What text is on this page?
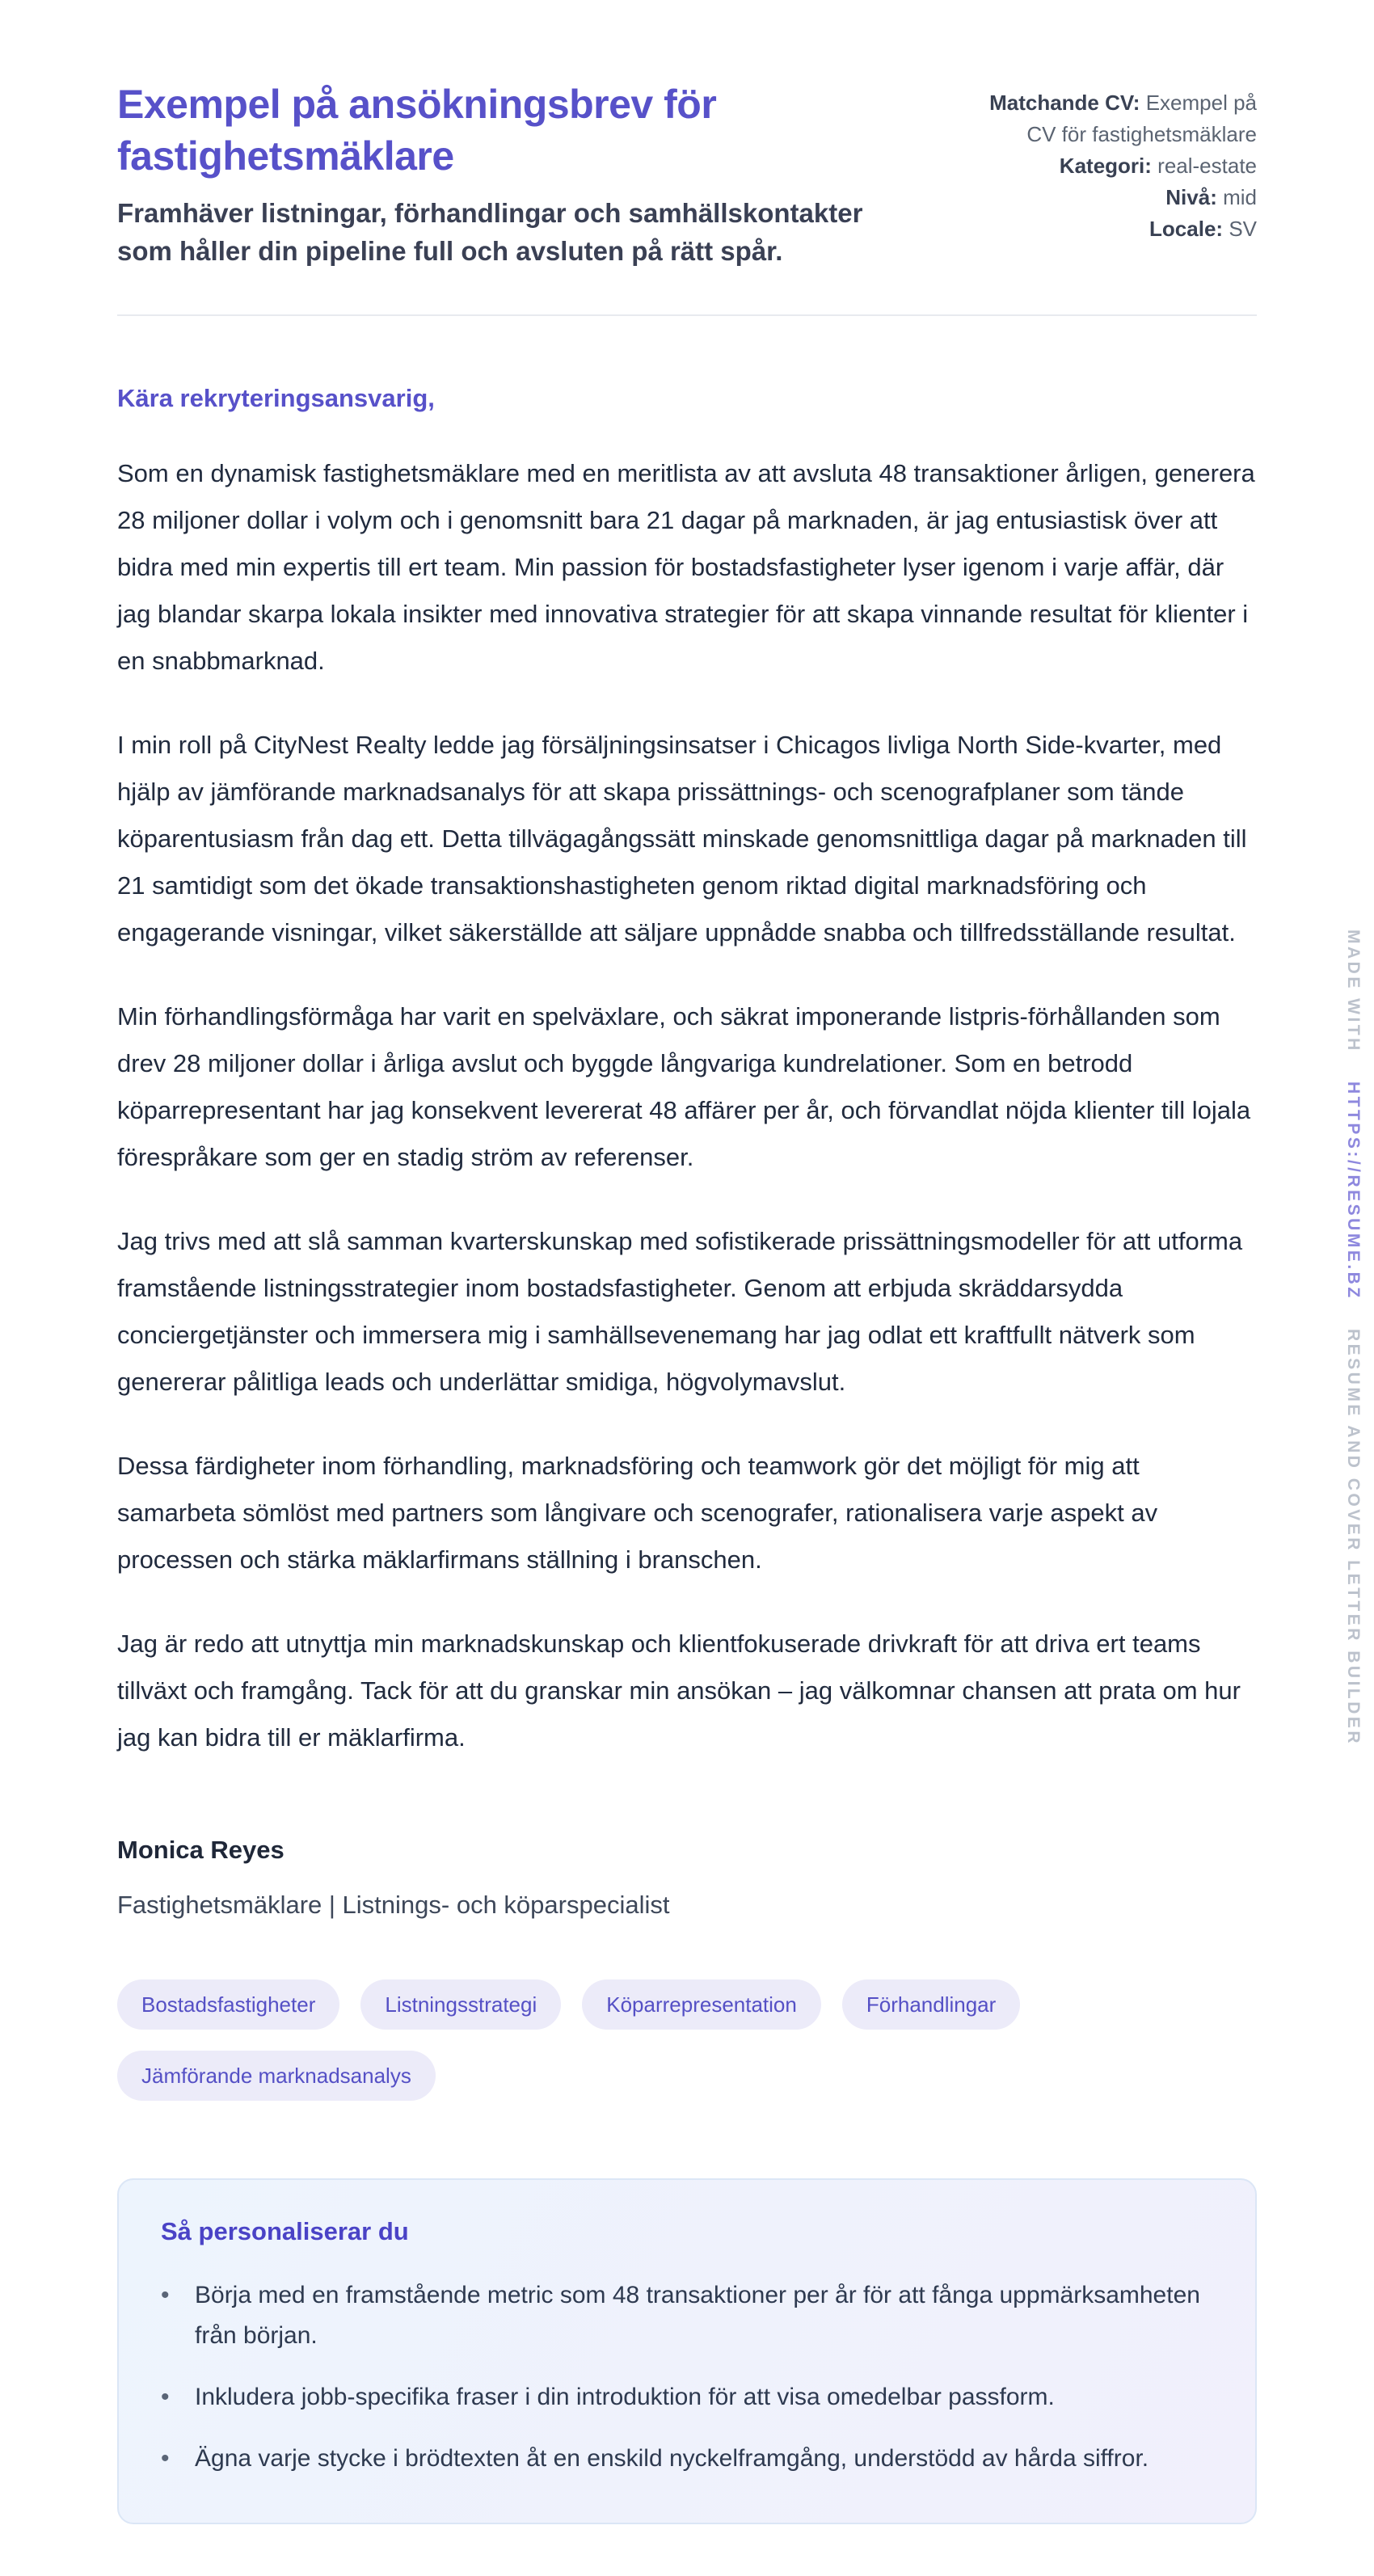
Exempel på ansökningsbrev för fastighetsmäklare
Framhäver listningar, förhandlingar och samhällskontakter som håller din pipeline full och avsluten på rätt spår.
Matchande CV: Exempel på CV för fastighetsmäklare
Kategori: real-estate
Nivå: mid
Locale: SV

Kära rekryteringsansvarig,

Som en dynamisk fastighetsmäklare med en meritlista av att avsluta 48 transaktioner årligen, generera 28 miljoner dollar i volym och i genomsnitt bara 21 dagar på marknaden, är jag entusiastisk över att bidra med min expertis till ert team. Min passion för bostadsfastigheter lyser igenom i varje affär, där jag blandar skarpa lokala insikter med innovativa strategier för att skapa vinnande resultat för klienter i en snabbmarknad.

I min roll på CityNest Realty ledde jag försäljningsinsatser i Chicagos livliga North Side-kvarter, med hjälp av jämförande marknadsanalys för att skapa prissättnings- och scenografplaner som tände köparentusiasm från dag ett. Detta tillvägagångssätt minskade genomsnittliga dagar på marknaden till 21 samtidigt som det ökade transaktionshastigheten genom riktad digital marknadsföring och engagerande visningar, vilket säkerställde att säljare uppnådde snabba och tillfredsställande resultat.

Min förhandlingsförmåga har varit en spelväxlare, och säkrat imponerande listpris-förhållanden som drev 28 miljoner dollar i årliga avslut och byggde långvariga kundrelationer. Som en betrodd köparrepresentant har jag konsekvent levererat 48 affärer per år, och förvandlat nöjda klienter till lojala förespråkare som ger en stadig ström av referenser.

Jag trivs med att slå samman kvarterskunskap med sofistikerade prissättningsmodeller för att utforma framstående listningsstrategier inom bostadsfastigheter. Genom att erbjuda skräddarsydda conciergetjänster och immersera mig i samhällsevenemang har jag odlat ett kraftfullt nätverk som genererar pålitliga leads och underlättar smidiga, högvolymavslut.

Dessa färdigheter inom förhandling, marknadsföring och teamwork gör det möjligt för mig att samarbeta sömlöst med partners som långivare och scenografer, rationalisera varje aspekt av processen och stärka mäklarfirmans ställning i branschen.

Jag är redo att utnyttja min marknadskunskap och klientfokuserade drivkraft för att driva ert teams tillväxt och framgång. Tack för att du granskar min ansökan – jag välkomnar chansen att prata om hur jag kan bidra till er mäklarfirma.

Monica Reyes

Fastighetsmäklare | Listnings- och köparspecialist

Bostadsfastigheter	Listningsstrategi	Köparrepresentation	Förhandlingar
Jämförande marknadsanalys
Så personaliserar du
•	Börja med en framstående metric som 48 transaktioner per år för att fånga uppmärksamheten från början.
•	Inkludera jobb-specifika fraser i din introduktion för att visa omedelbar passform.
•	Ägna varje stycke i brödtexten åt en enskild nyckelframgång, understödd av hårda siffror.
MADE WITH HTTPS://RESUME.BZ RESUME AND COVER LETTER BUILDER
